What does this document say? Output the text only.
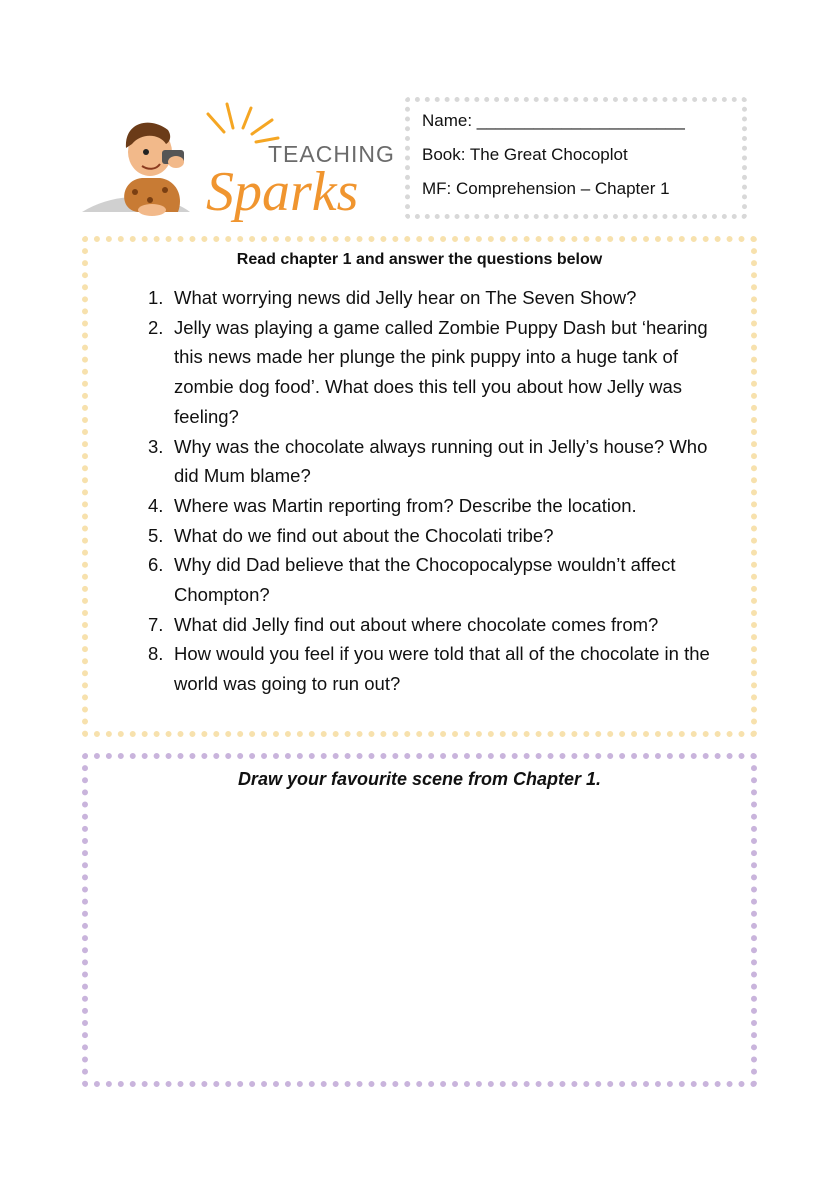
TEACHING
Sparks
Name: ______________________
Book: The Great Chocoplot
MF: Comprehension – Chapter 1
Read chapter 1 and answer the questions below
1. What worrying news did Jelly hear on The Seven Show?
2. Jelly was playing a game called Zombie Puppy Dash but ‘hearing this news made her plunge the pink puppy into a huge tank of zombie dog food’. What does this tell you about how Jelly was feeling?
3. Why was the chocolate always running out in Jelly’s house? Who did Mum blame?
4. Where was Martin reporting from? Describe the location.
5. What do we find out about the Chocolati tribe?
6. Why did Dad believe that the Chocopocalypse wouldn’t affect Chompton?
7. What did Jelly find out about where chocolate comes from?
8. How would you feel if you were told that all of the chocolate in the world was going to run out?
Draw your favourite scene from Chapter 1.
